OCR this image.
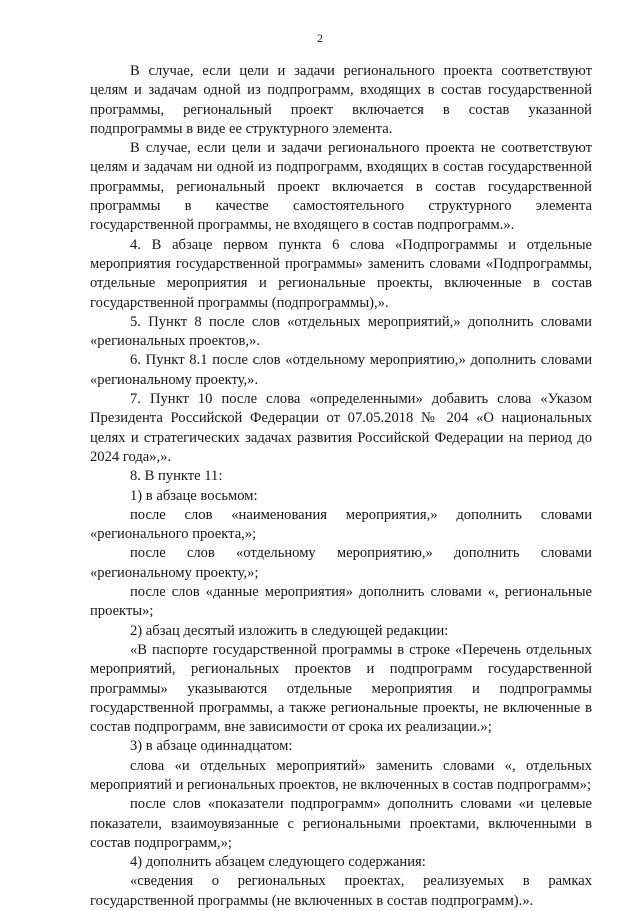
2

В случае, если цели и задачи регионального проекта соответствуют целям и задачам одной из подпрограмм, входящих в состав государственной программы, региональный проект включается в состав указанной подпрограммы в виде ее структурного элемента.

В случае, если цели и задачи регионального проекта не соответствуют целям и задачам ни одной из подпрограмм, входящих в состав государственной программы, региональный проект включается в состав государственной программы в качестве самостоятельного структурного элемента государственной программы, не входящего в состав подпрограмм.».

4. В абзаце первом пункта 6 слова «Подпрограммы и отдельные мероприятия государственной программы» заменить словами «Подпрограммы, отдельные мероприятия и региональные проекты, включенные в состав государственной программы (подпрограммы),».

5. Пункт 8 после слов «отдельных мероприятий,» дополнить словами «региональных проектов,».

6. Пункт 8.1 после слов «отдельному мероприятию,» дополнить словами «региональному проекту,».

7. Пункт 10 после слова «определенными» добавить слова «Указом Президента Российской Федерации от 07.05.2018 № 204 «О национальных целях и стратегических задачах развития Российской Федерации на период до 2024 года»,».

8. В пункте 11:

1) в абзаце восьмом:

после слов «наименования мероприятия,» дополнить словами «регионального проекта,»;

после слов «отдельному мероприятию,» дополнить словами «региональному проекту,»;

после слов «данные мероприятия» дополнить словами «, региональные проекты»;

2) абзац десятый изложить в следующей редакции:

«В паспорте государственной программы в строке «Перечень отдельных мероприятий, региональных проектов и подпрограмм государственной программы» указываются отдельные мероприятия и подпрограммы государственной программы, а также региональные проекты, не включенные в состав подпрограмм, вне зависимости от срока их реализации.»;

3) в абзаце одиннадцатом:

слова «и отдельных мероприятий» заменить словами «, отдельных мероприятий и региональных проектов, не включенных в состав подпрограмм»;

после слов «показатели подпрограмм» дополнить словами «и целевые показатели, взаимоувязанные с региональными проектами, включенными в состав подпрограмм,»;

4) дополнить абзацем следующего содержания:

«сведения о региональных проектах, реализуемых в рамках государственной программы (не включенных в состав подпрограмм).».
